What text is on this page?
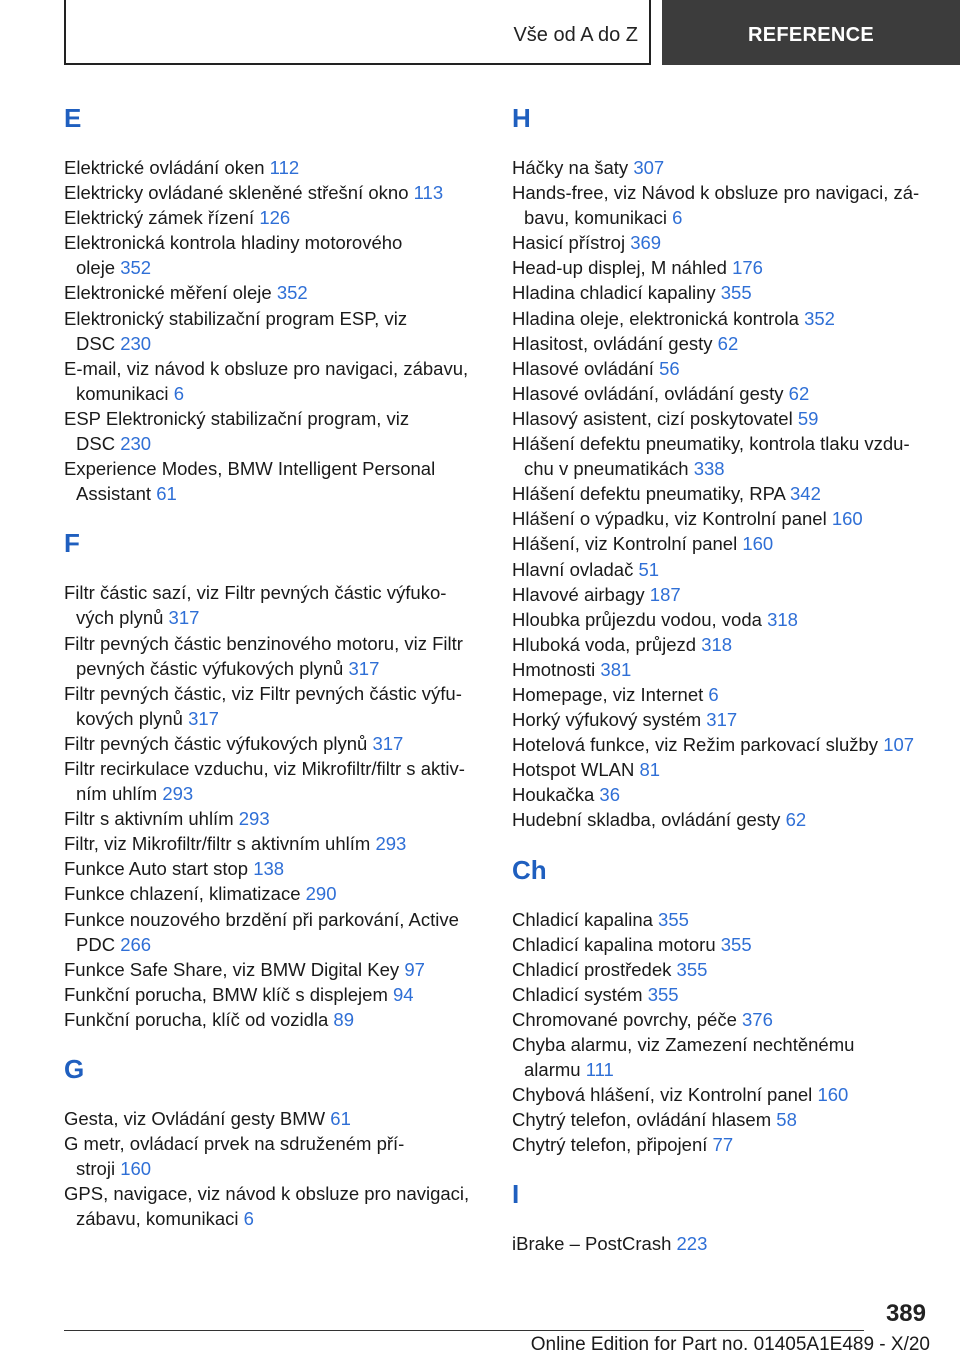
Vše od A do Z	REFERENCE
E
Elektrické ovládání oken 112
Elektricky ovládané skleněné střešní okno 113
Elektrický zámek řízení 126
Elektronická kontrola hladiny motorového
oleje 352
Elektronické měření oleje 352
Elektronický stabilizační program ESP, viz
DSC 230
E-mail, viz návod k obsluze pro navigaci, zábavu,
komunikaci 6
ESP Elektronický stabilizační program, viz
DSC 230
Experience Modes, BMW Intelligent Personal
Assistant 61
F
Filtr částic sazí, viz Filtr pevných částic výfuko-
vých plynů 317
Filtr pevných částic benzinového motoru, viz Filtr
pevných částic výfukových plynů 317
Filtr pevných částic, viz Filtr pevných částic výfu-
kových plynů 317
Filtr pevných částic výfukových plynů 317
Filtr recirkulace vzduchu, viz Mikrofiltr/filtr s aktiv-
ním uhlím 293
Filtr s aktivním uhlím 293
Filtr, viz Mikrofiltr/filtr s aktivním uhlím 293
Funkce Auto start stop 138
Funkce chlazení, klimatizace 290
Funkce nouzového brzdění při parkování, Active
PDC 266
Funkce Safe Share, viz BMW Digital Key 97
Funkční porucha, BMW klíč s displejem 94
Funkční porucha, klíč od vozidla 89
G
Gesta, viz Ovládání gesty BMW 61
G metr, ovládací prvek na sdruženém pří-
stroji 160
GPS, navigace, viz návod k obsluze pro navigaci,
zábavu, komunikaci 6
H
Háčky na šaty 307
Hands-free, viz Návod k obsluze pro navigaci, zá-
bavu, komunikaci 6
Hasicí přístroj 369
Head-up displej, M náhled 176
Hladina chladicí kapaliny 355
Hladina oleje, elektronická kontrola 352
Hlasitost, ovládání gesty 62
Hlasové ovládání 56
Hlasové ovládání, ovládání gesty 62
Hlasový asistent, cizí poskytovatel 59
Hlášení defektu pneumatiky, kontrola tlaku vzdu-
chu v pneumatikách 338
Hlášení defektu pneumatiky, RPA 342
Hlášení o výpadku, viz Kontrolní panel 160
Hlášení, viz Kontrolní panel 160
Hlavní ovladač 51
Hlavové airbagy 187
Hloubka průjezdu vodou, voda 318
Hluboká voda, průjezd 318
Hmotnosti 381
Homepage, viz Internet 6
Horký výfukový systém 317
Hotelová funkce, viz Režim parkovací služby 107
Hotspot WLAN 81
Houkačka 36
Hudební skladba, ovládání gesty 62
Ch
Chladicí kapalina 355
Chladicí kapalina motoru 355
Chladicí prostředek 355
Chladicí systém 355
Chromované povrchy, péče 376
Chyba alarmu, viz Zamezení nechtěnému
alarmu 111
Chybová hlášení, viz Kontrolní panel 160
Chytrý telefon, ovládání hlasem 58
Chytrý telefon, připojení 77
I
iBrake – PostCrash 223
389
Online Edition for Part no. 01405A1E489 - X/20
